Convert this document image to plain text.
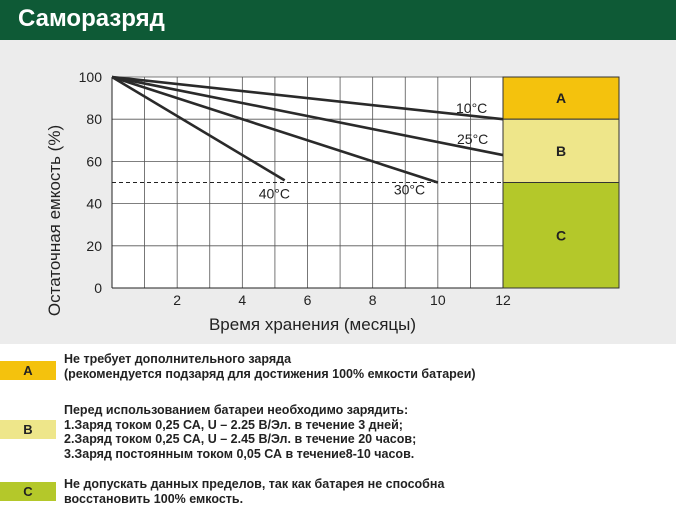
Саморазряд
A
B
C
0
20
40
60
80
100
2	4	6	8	10	12
10°C
25°C
30°C
40°C
Время хранения (месяцы)
Остаточная емкость (%)
A
Не требует дополнительного заряда
(рекомендуется подзаряд для достижения 100% емкости батареи)
B
Перед использованием батареи необходимо зарядить:
1.Заряд током 0,25 СА, U – 2.25 В/Эл. в течение 3 дней;
2.Заряд током 0,25 СА, U – 2.45 В/Эл. в течение 20 часов;
3.Заряд постоянным током 0,05 СА в течение8-10 часов.
C	Не допускать данных пределов, так как батарея не способна
восстановить 100% емкость.
